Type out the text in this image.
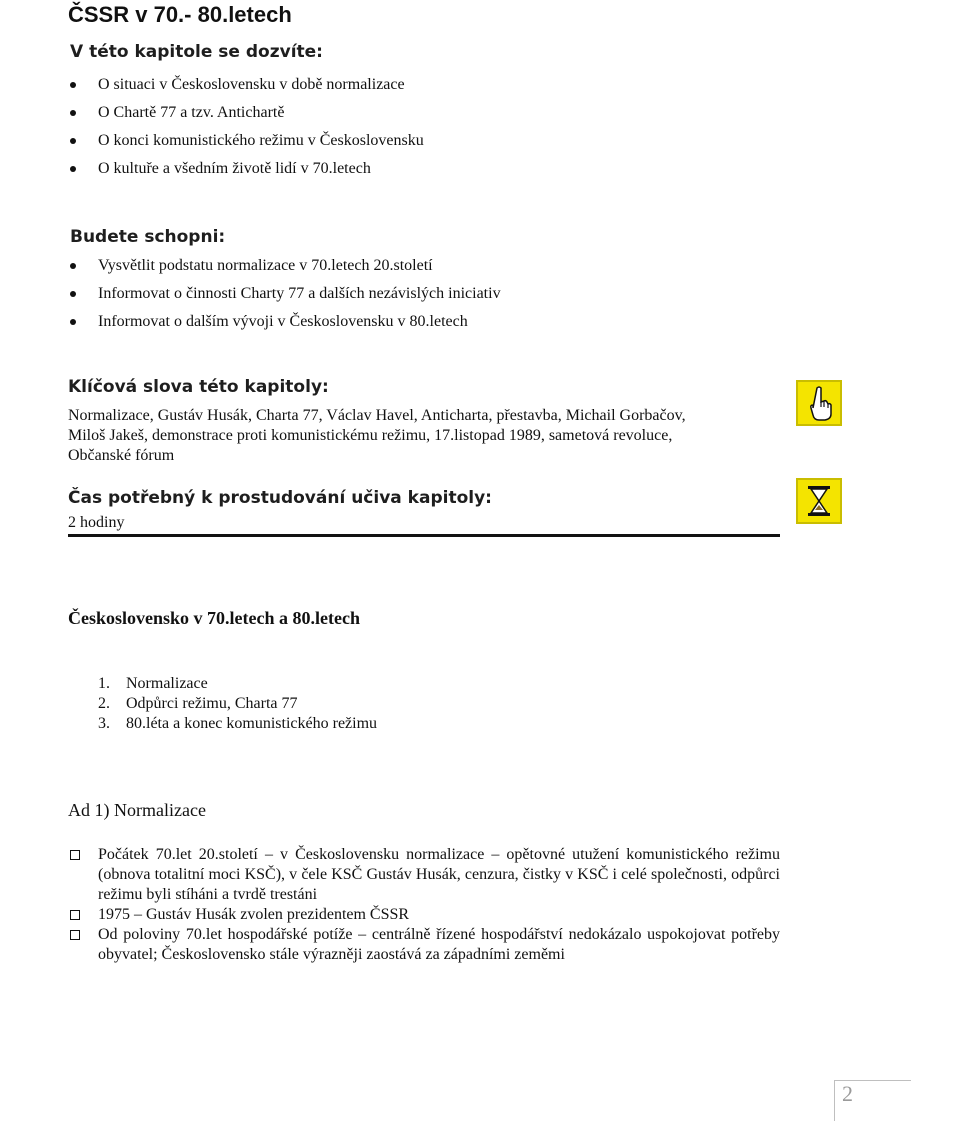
ČSSR v 70.- 80.letech
V této kapitole se dozvíte:
O situaci v Československu v době normalizace
O Chartě 77 a tzv. Antichartě
O konci komunistického režimu v Československu
O kultuře a všedním životě lidí v 70.letech
Budete schopni:
Vysvětlit podstatu normalizace v 70.letech 20.století
Informovat o činnosti Charty 77 a dalších nezávislých iniciativ
Informovat o dalším vývoji v Československu v 80.letech
Klíčová slova této kapitoly:
Normalizace, Gustáv Husák, Charta 77, Václav Havel, Anticharta, přestavba, Michail Gorbačov,
Miloš Jakeš, demonstrace proti komunistickému režimu, 17.listopad 1989, sametová revoluce,
Občanské fórum
Čas potřebný k prostudování učiva kapitoly:
2 hodiny
Československo v 70.letech a 80.letech
1. Normalizace
2. Odpůrci režimu, Charta 77
3. 80.léta a konec komunistického režimu
Ad 1) Normalizace
Počátek 70.let 20.století – v Československu normalizace – opětovné utužení komunistického režimu (obnova totalitní moci KSČ), v čele KSČ Gustáv Husák, cenzura, čistky v KSČ i celé společnosti, odpůrci režimu byli stíháni a tvrdě trestáni
1975 – Gustáv Husák zvolen prezidentem ČSSR
Od poloviny 70.let hospodářské potíže – centrálně řízené hospodářství nedokázalo uspokojovat potřeby obyvatel; Československo stále výrazněji zaostává za západními zeměmi
2
